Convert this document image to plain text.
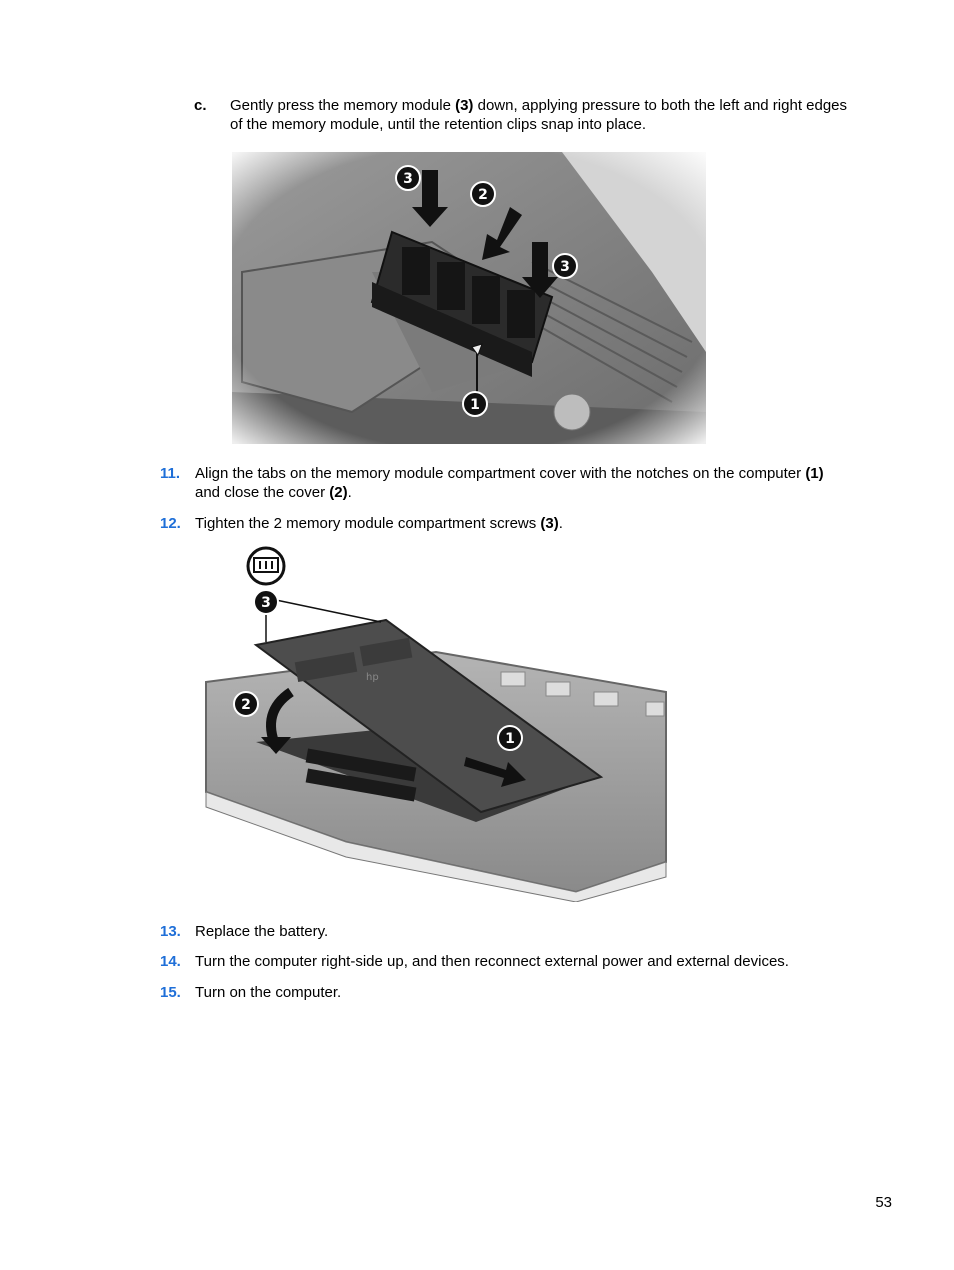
c. Gently press the memory module (3) down, applying pressure to both the left and right edges
of the memory module, until the retention clips snap into place.
11. Align the tabs on the memory module compartment cover with the notches on the computer (1)
and close the cover (2).
12. Tighten the 2 memory module compartment screws (3).
hp
3
2
1
13. Replace the battery.
14. Turn the computer right-side up, and then reconnect external power and external devices.
15. Turn on the computer.
53
